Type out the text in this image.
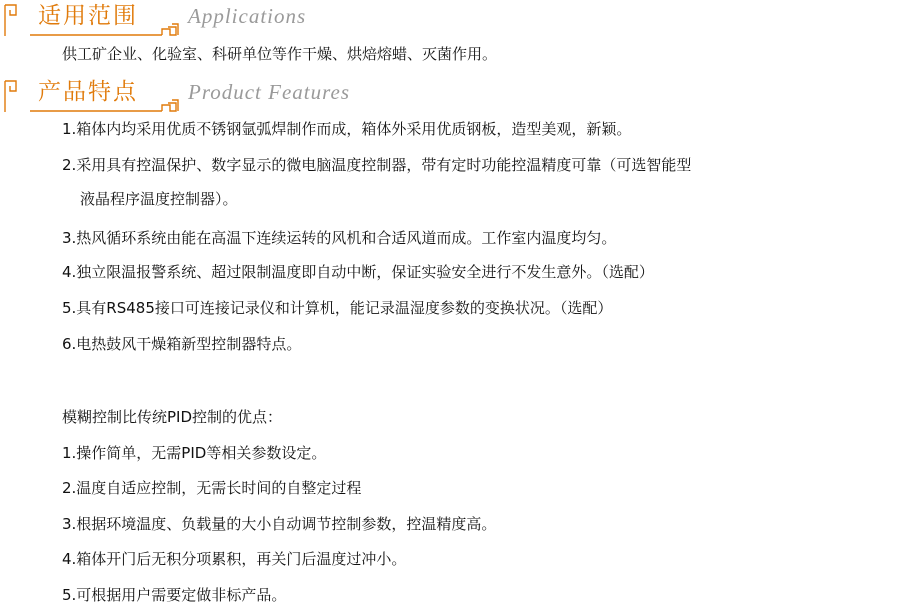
适用范围 Applications
供工矿企业、化验室、科研单位等作干燥、烘焙熔蜡、灭菌作用。
产品特点 Product Features
1.箱体内均采用优质不锈钢氩弧焊制作而成，箱体外采用优质钢板，造型美观，新颖。
2.采用具有控温保护、数字显示的微电脑温度控制器，带有定时功能控温精度可靠（可选智能型
液晶程序温度控制器）。
3.热风循环系统由能在高温下连续运转的风机和合适风道而成。工作室内温度均匀。
4.独立限温报警系统、超过限制温度即自动中断，保证实验安全进行不发生意外。（选配）
5.具有RS485接口可连接记录仪和计算机，能记录温湿度参数的变换状况。（选配）
6.电热鼓风干燥箱新型控制器特点。
模糊控制比传统PID控制的优点：
1.操作简单，无需PID等相关参数设定。
2.温度自适应控制，无需长时间的自整定过程
3.根据环境温度、负载量的大小自动调节控制参数，控温精度高。
4.箱体开门后无积分项累积，再关门后温度过冲小。
5.可根据用户需要定做非标产品。
